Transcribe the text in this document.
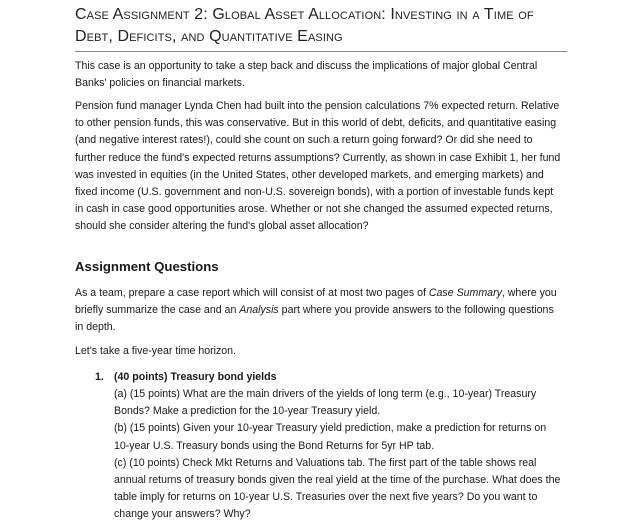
Case Assignment 2: Global Asset Allocation: Investing in a Time of Debt, Deficits, and Quantitative Easing

This case is an opportunity to take a step back and discuss the implications of major global Central Banks' policies on financial markets.

Pension fund manager Lynda Chen had built into the pension calculations 7% expected return. Relative to other pension funds, this was conservative. But in this world of debt, deficits, and quantitative easing (and negative interest rates!), could she count on such a return going forward? Or did she need to further reduce the fund's expected returns assumptions? Currently, as shown in case Exhibit 1, her fund was invested in equities (in the United States, other developed markets, and emerging markets) and fixed income (U.S. government and non-U.S. sovereign bonds), with a portion of investable funds kept in cash in case good opportunities arose. Whether or not she changed the assumed expected returns, should she consider altering the fund's global asset allocation?

Assignment Questions

As a team, prepare a case report which will consist of at most two pages of Case Summary, where you briefly summarize the case and an Analysis part where you provide answers to the following questions in depth.

Let's take a five-year time horizon.

1. (40 points) Treasury bond yields
(a) (15 points) What are the main drivers of the yields of long term (e.g., 10-year) Treasury Bonds? Make a prediction for the 10-year Treasury yield.
(b) (15 points) Given your 10-year Treasury yield prediction, make a prediction for returns on 10-year U.S. Treasury bonds using the Bond Returns for 5yr HP tab.
(c) (10 points) Check Mkt Returns and Valuations tab. The first part of the table shows real annual returns of treasury bonds given the real yield at the time of the purchase. What does the table imply for returns on 10-year U.S. Treasuries over the next five years? Do you want to change your answers? Why?
